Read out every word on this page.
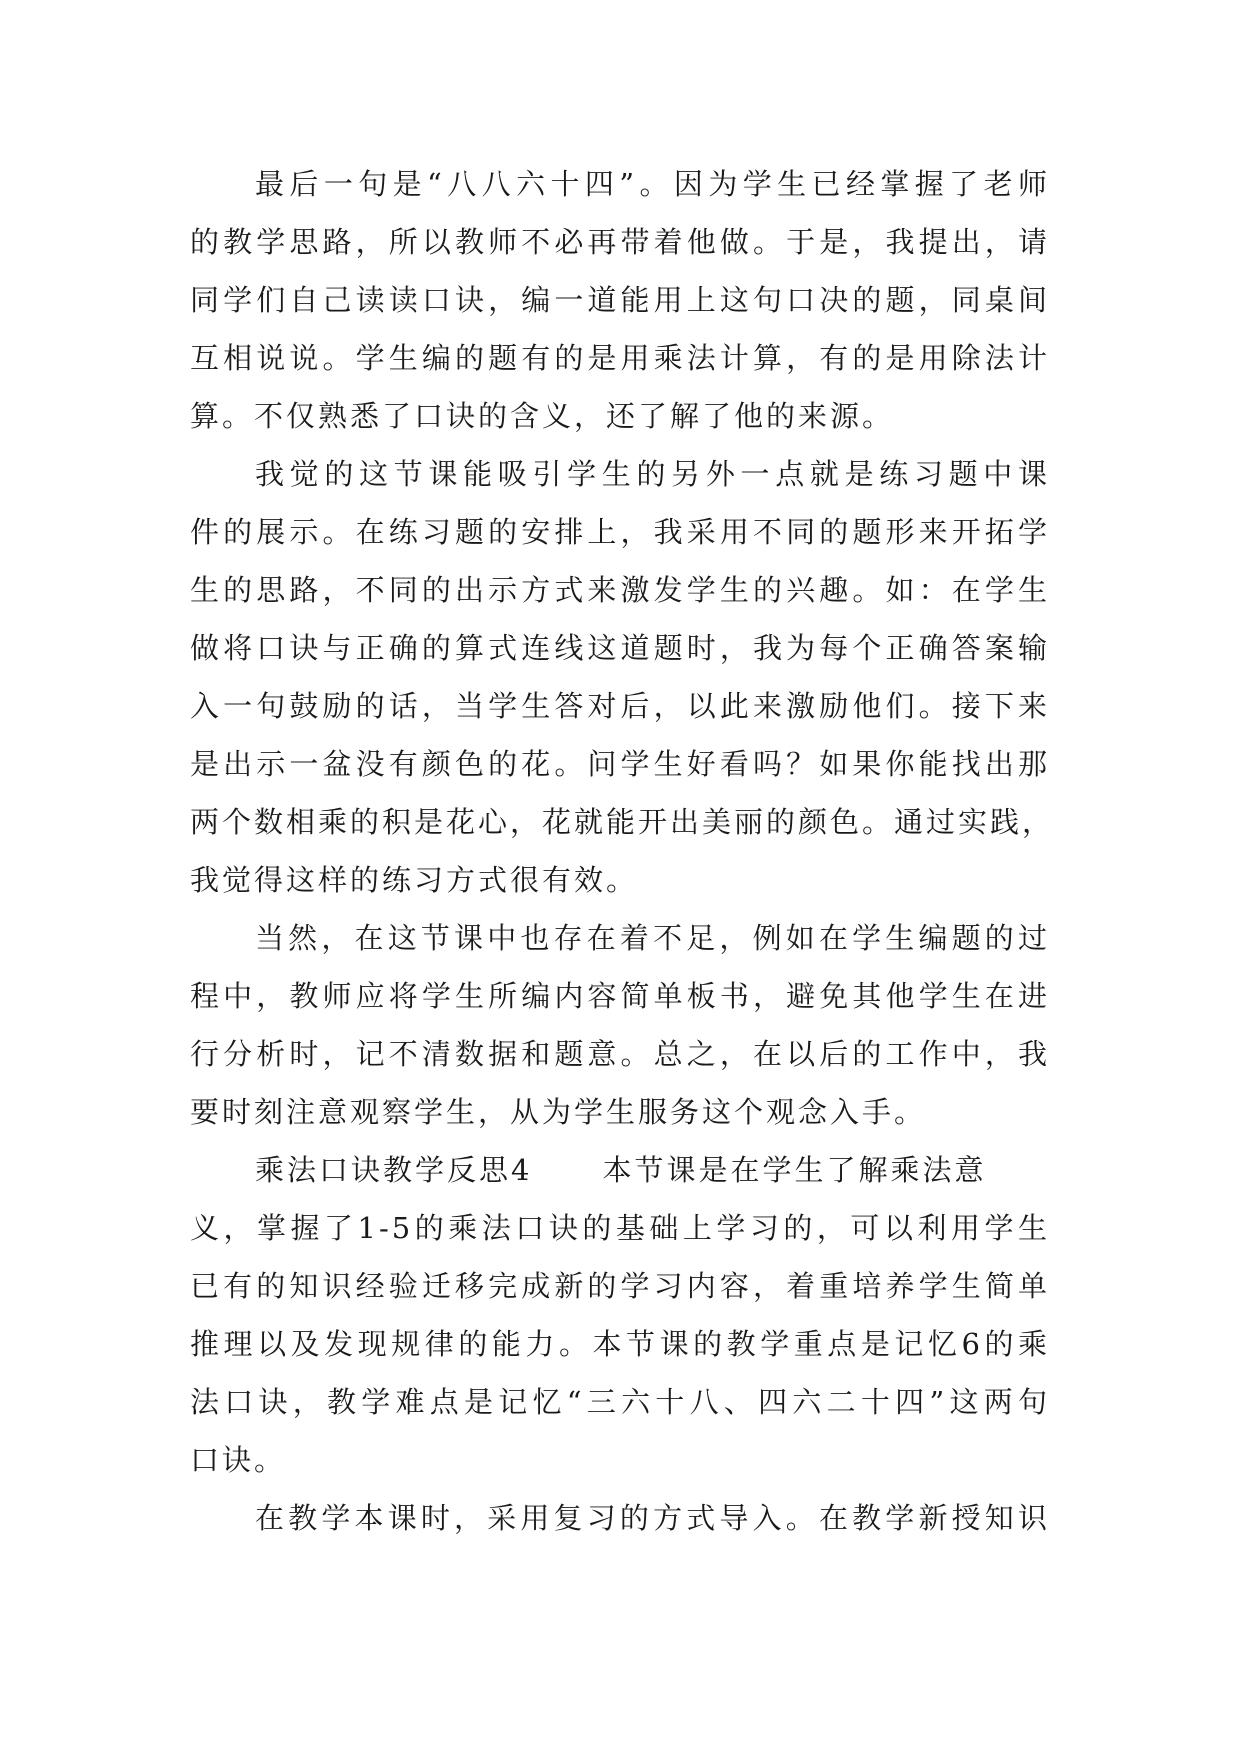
最后一句是“八八六十四”。因为学生已经掌握了老师
的教学思路，所以教师不必再带着他做。于是，我提出，请
同学们自己读读口诀，编一道能用上这句口决的题，同桌间
互相说说。学生编的题有的是用乘法计算，有的是用除法计
算。不仅熟悉了口诀的含义，还了解了他的来源。
我觉的这节课能吸引学生的另外一点就是练习题中课
件的展示。在练习题的安排上，我采用不同的题形来开拓学
生的思路，不同的出示方式来激发学生的兴趣。如：在学生
做将口诀与正确的算式连线这道题时，我为每个正确答案输
入一句鼓励的话，当学生答对后，以此来激励他们。接下来
是出示一盆没有颜色的花。问学生好看吗？如果你能找出那
两个数相乘的积是花心，花就能开出美丽的颜色。通过实践，
我觉得这样的练习方式很有效。
当然，在这节课中也存在着不足，例如在学生编题的过
程中，教师应将学生所编内容简单板书，避免其他学生在进
行分析时，记不清数据和题意。总之，在以后的工作中，我
要时刻注意观察学生，从为学生服务这个观念入手。
乘法口诀教学反思4 本节课是在学生了解乘法意
义，掌握了1-5的乘法口诀的基础上学习的，可以利用学生
已有的知识经验迁移完成新的学习内容，着重培养学生简单
推理以及发现规律的能力。本节课的教学重点是记忆6的乘
法口诀，教学难点是记忆“三六十八、四六二十四”这两句
口诀。
在教学本课时，采用复习的方式导入。在教学新授知识
